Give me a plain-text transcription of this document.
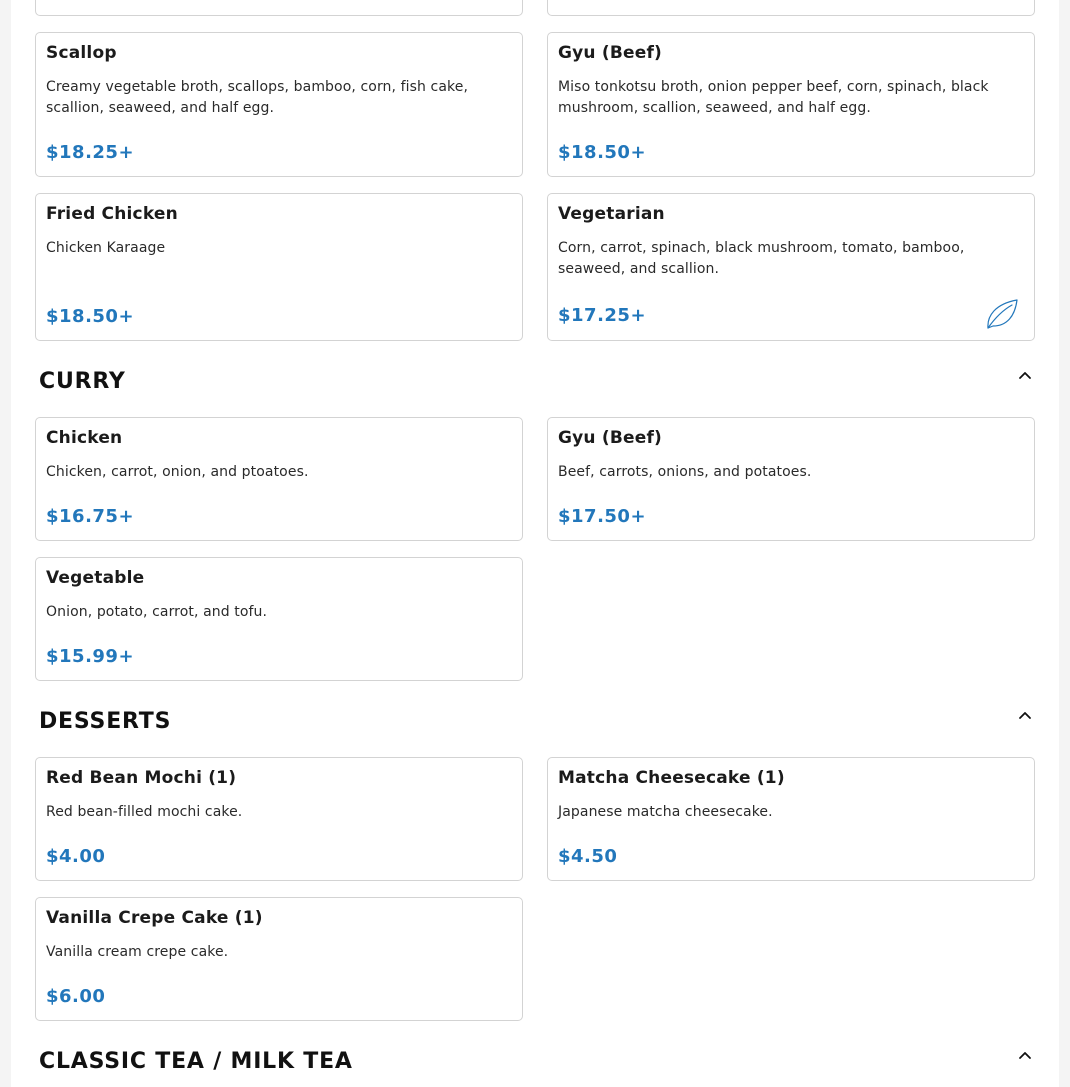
Scallop
Creamy vegetable broth, scallops, bamboo, corn, fish cake, scallion, seaweed, and half egg.
$18.25+
Gyu (Beef)
Miso tonkotsu broth, onion pepper beef, corn, spinach, black mushroom, scallion, seaweed, and half egg.
$18.50+
Fried Chicken
Chicken Karaage
$18.50+
Vegetarian
Corn, carrot, spinach, black mushroom, tomato, bamboo, seaweed, and scallion.
$17.25+
CURRY
Chicken
Chicken, carrot, onion, and ptoatoes.
$16.75+
Gyu (Beef)
Beef, carrots, onions, and potatoes.
$17.50+
Vegetable
Onion, potato, carrot, and tofu.
$15.99+
DESSERTS
Red Bean Mochi (1)
Red bean-filled mochi cake.
$4.00
Matcha Cheesecake (1)
Japanese matcha cheesecake.
$4.50
Vanilla Crepe Cake (1)
Vanilla cream crepe cake.
$6.00
CLASSIC TEA / MILK TEA
